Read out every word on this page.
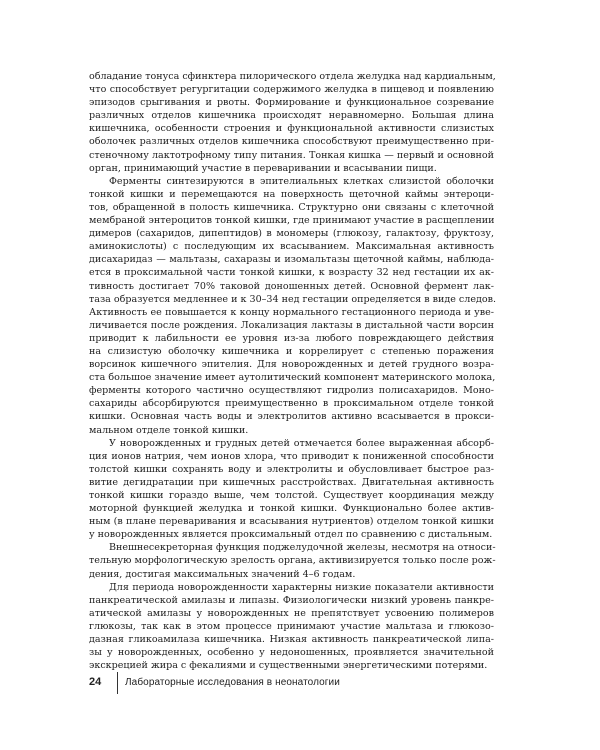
обладание тонуса сфинктера пилорического отдела желудка над кардиальным,
что способствует регургитации содержимого желудка в пищевод и появлению
эпизодов срыгивания и рвоты. Формирование и функциональное созревание
различных отделов кишечника происходят неравномерно. Большая длина
кишечника, особенности строения и функциональной активности слизистых
оболочек различных отделов кишечника способствуют преимущественно при-
стеночному лактотрофному типу питания. Тонкая кишка — первый и основной
орган, принимающий участие в переваривании и всасывании пищи.
Ферменты синтезируются в эпителиальных клетках слизистой оболочки
тонкой кишки и перемещаются на поверхность щеточной каймы энтероци-
тов, обращенной в полость кишечника. Структурно они связаны с клеточной
мембраной энтероцитов тонкой кишки, где принимают участие в расщеплении
димеров (сахаридов, дипептидов) в мономеры (глюкозу, галактозу, фруктозу,
аминокислоты) с последующим их всасыванием. Максимальная активность
дисахаридаз — мальтазы, сахаразы и изомальтазы щеточной каймы, наблюда-
ется в проксимальной части тонкой кишки, к возрасту 32 нед гестации их ак-
тивность достигает 70% таковой доношенных детей. Основной фермент лак-
таза образуется медленнее и к 30–34 нед гестации определяется в виде следов.
Активность ее повышается к концу нормального гестационного периода и уве-
личивается после рождения. Локализация лактазы в дистальной части ворсин
приводит к лабильности ее уровня из-за любого повреждающего действия
на слизистую оболочку кишечника и коррелирует с степенью поражения
ворсинок кишечного эпителия. Для новорожденных и детей грудного возра-
ста большое значение имеет аутолитический компонент материнского молока,
ферменты которого частично осуществляют гидролиз полисахаридов. Моно-
сахариды абсорбируются преимущественно в проксимальном отделе тонкой
кишки. Основная часть воды и электролитов активно всасывается в прокси-
мальном отделе тонкой кишки.
У новорожденных и грудных детей отмечается более выраженная абсорб-
ция ионов натрия, чем ионов хлора, что приводит к пониженной способности
толстой кишки сохранять воду и электролиты и обусловливает быстрое раз-
витие дегидратации при кишечных расстройствах. Двигательная активность
тонкой кишки гораздо выше, чем толстой. Существует координация между
моторной функцией желудка и тонкой кишки. Функционально более актив-
ным (в плане переваривания и всасывания нутриентов) отделом тонкой кишки
у новорожденных является проксимальный отдел по сравнению с дистальным.
Внешнесекреторная функция поджелудочной железы, несмотря на относи-
тельную морфологическую зрелость органа, активизируется только после рож-
дения, достигая максимальных значений 4–6 годам.
Для периода новорожденности характерны низкие показатели активности
панкреатической амилазы и липазы. Физиологически низкий уровень панкре-
атической амилазы у новорожденных не препятствует усвоению полимеров
глюкозы, так как в этом процессе принимают участие мальтаза и глюкозо-
дазная гликоамилаза кишечника. Низкая активность панкреатической липа-
зы у новорожденных, особенно у недоношенных, проявляется значительной
экскрецией жира с фекалиями и существенными энергетическими потерями.
24 Лабораторные исследования в неонатологии
